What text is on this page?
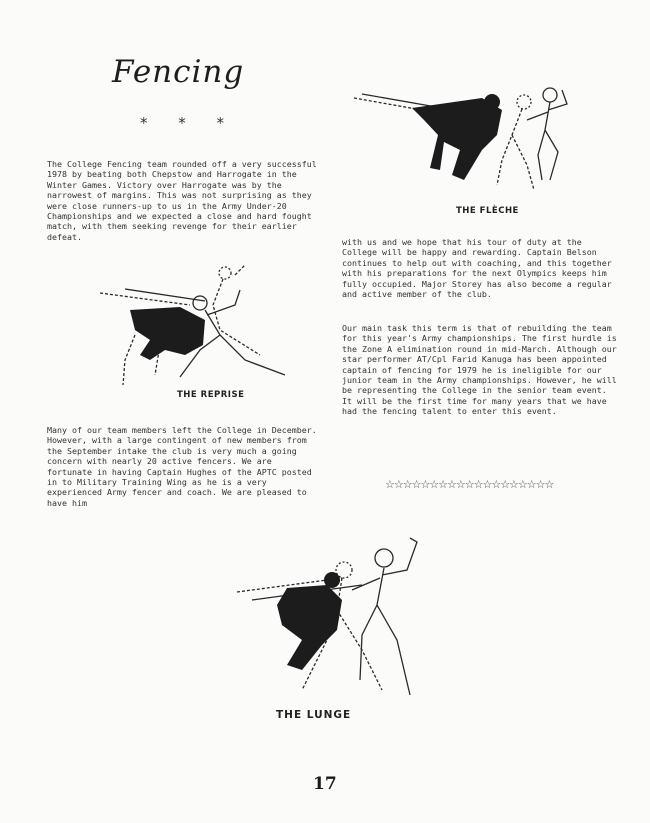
Fencing
* * *

The College Fencing team rounded off a very successful 1978 by beating both Chepstow and Harrogate in the Winter Games. Victory over Harrogate was by the narrowest of margins. This was not surprising as they were close runners-up to us in the Army Under-20 Championships and we expected a close and hard fought match, with them seeking revenge for their earlier defeat.

THE FLÈCHE
THE REPRISE

Many of our team members left the College in December. However, with a large contingent of new members from the September intake the club is very much a going concern with nearly 20 active fencers. We are fortunate in having Captain Hughes of the APTC posted in to Military Training Wing as he is a very experienced Army fencer and coach. We are pleased to have him

with us and we hope that his tour of duty at the College will be happy and rewarding. Captain Belson continues to help out with coaching, and this together with his preparations for the next Olympics keeps him fully occupied. Major Storey has also become a regular and active member of the club.

Our main task this term is that of rebuilding the team for this year's Army championships. The first hurdle is the Zone A elimination round in mid-March. Although our star performer AT/Cpl Farid Kanuga has been appointed captain of fencing for 1979 he is ineligible for our junior team in the Army championships. However, he will be representing the College in the senior team event. It will be the first time for many years that we have had the fencing talent to enter this event.

☆☆☆☆☆☆☆☆☆☆☆☆☆☆☆☆☆☆☆
THE LUNGE
17
